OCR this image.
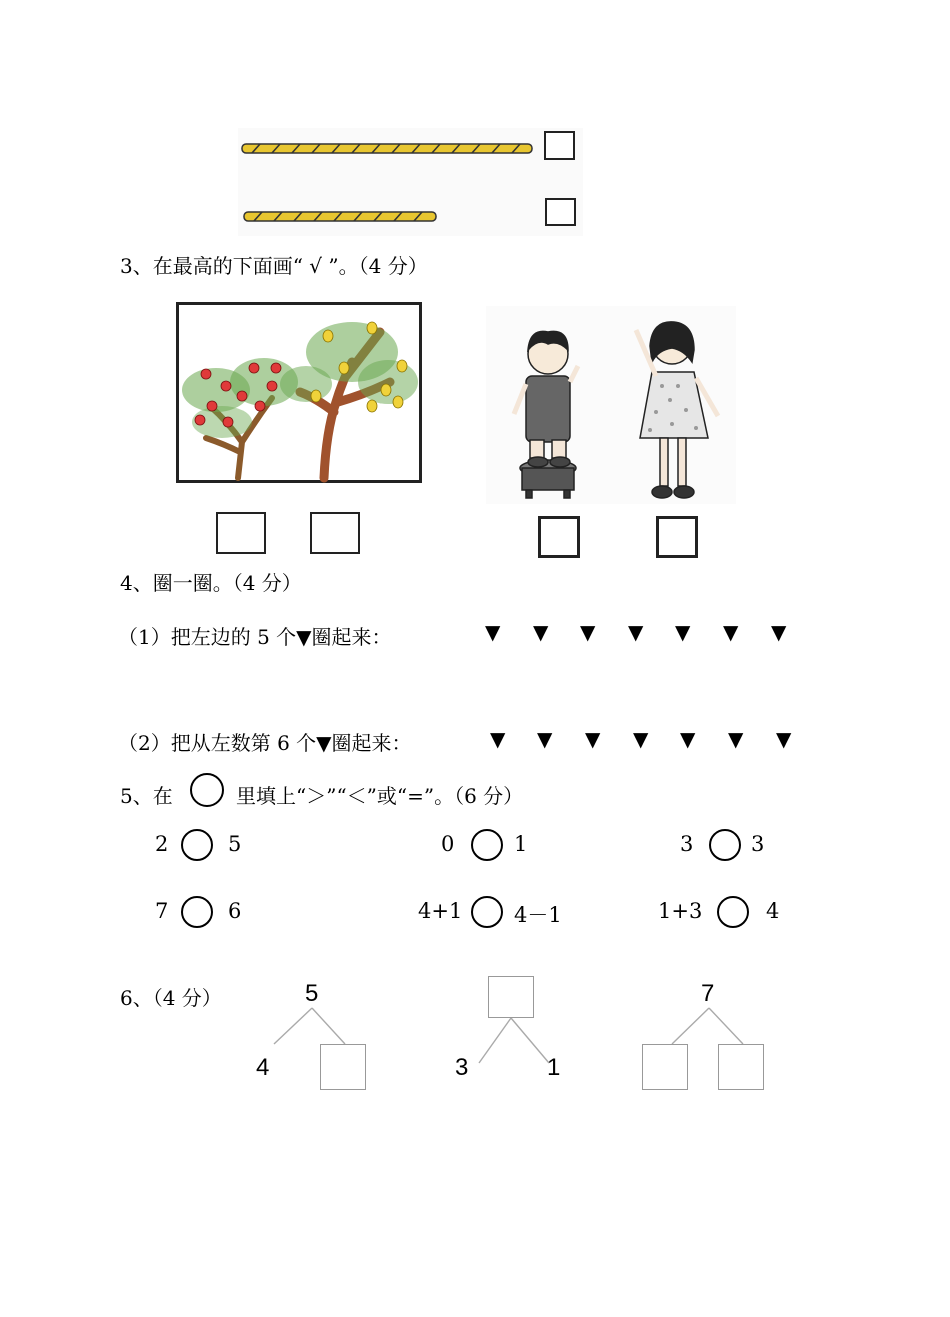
3、在最高的下面画“ √ ”。（4 分）
4、圈一圈。（4 分）
（1）把左边的 5 个▼圈起来：	▼ ▼ ▼ ▼ ▼ ▼ ▼
（2）把从左数第 6 个▼圈起来：	▼ ▼ ▼ ▼ ▼ ▼ ▼
5、在	里填上“＞”“＜”或“=”。（6 分）
2	5	0	1	3	3
7	6	4+1 4－1	1+3	4
6、（4 分）	5
4	3	1
7
